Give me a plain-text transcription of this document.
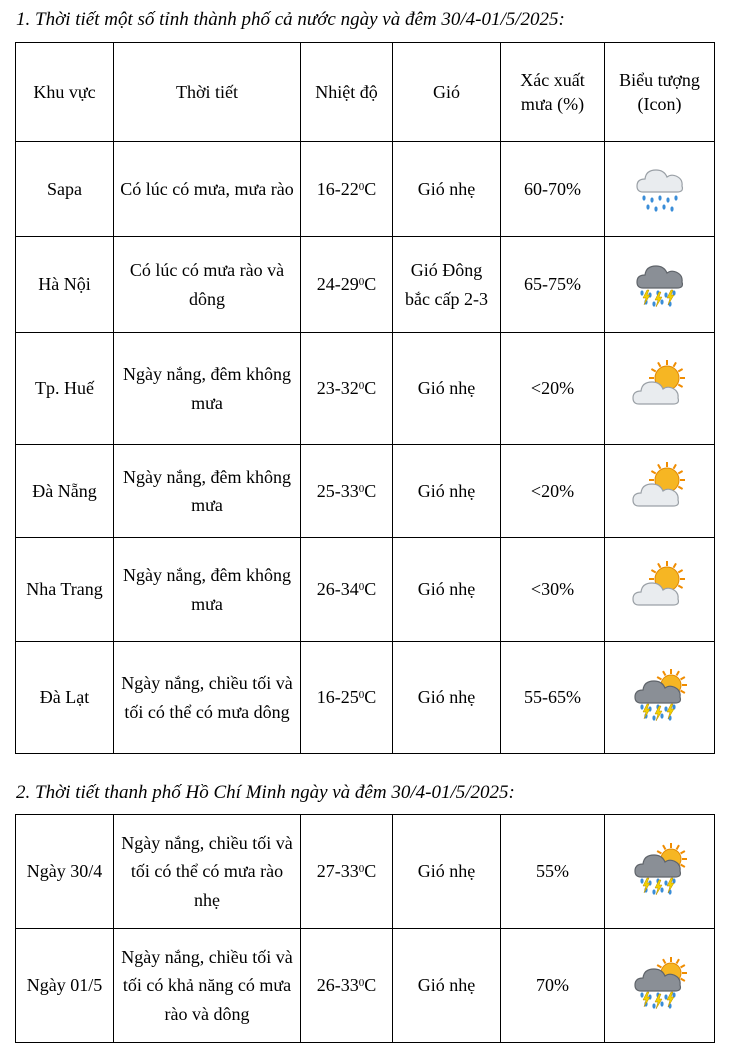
1. Thời tiết một số tỉnh thành phố cả nước ngày và đêm 30/4-01/5/2025:
Khu vực	Thời tiết	Nhiệt độ	Gió	Xác xuất mưa (%)	Biểu tượng (Icon)
Sapa	Có lúc có mưa, mưa rào	$16-22^0C$	Gió nhẹ	60-70%	

Hà Nội	Có lúc có mưa rào và dông	$24-29^0C$	Gió Đông bắc cấp 2-3	65-75%	

Tp. Huế	Ngày nắng, đêm không mưa	$23-32^0C$	Gió nhẹ	<20%	

Đà Nẵng	Ngày nắng, đêm không mưa	$25-33^0C$	Gió nhẹ	<20%	

Nha Trang	Ngày nắng, đêm không mưa	$26-34^0C$	Gió nhẹ	<30%	

Đà Lạt	Ngày nắng, chiều tối và tối có thể có mưa dông	$16-25^0C$	Gió nhẹ	55-65%	
2. Thời tiết thanh phố Hồ Chí Minh ngày và đêm 30/4-01/5/2025:
Ngày 30/4	Ngày nắng, chiều tối và tối có thể có mưa rào nhẹ	$27-33^0C$	Gió nhẹ	55%	

Ngày 01/5	Ngày nắng, chiều tối và tối có khả năng có mưa rào và dông	$26-33^0C$	Gió nhẹ	70%	
